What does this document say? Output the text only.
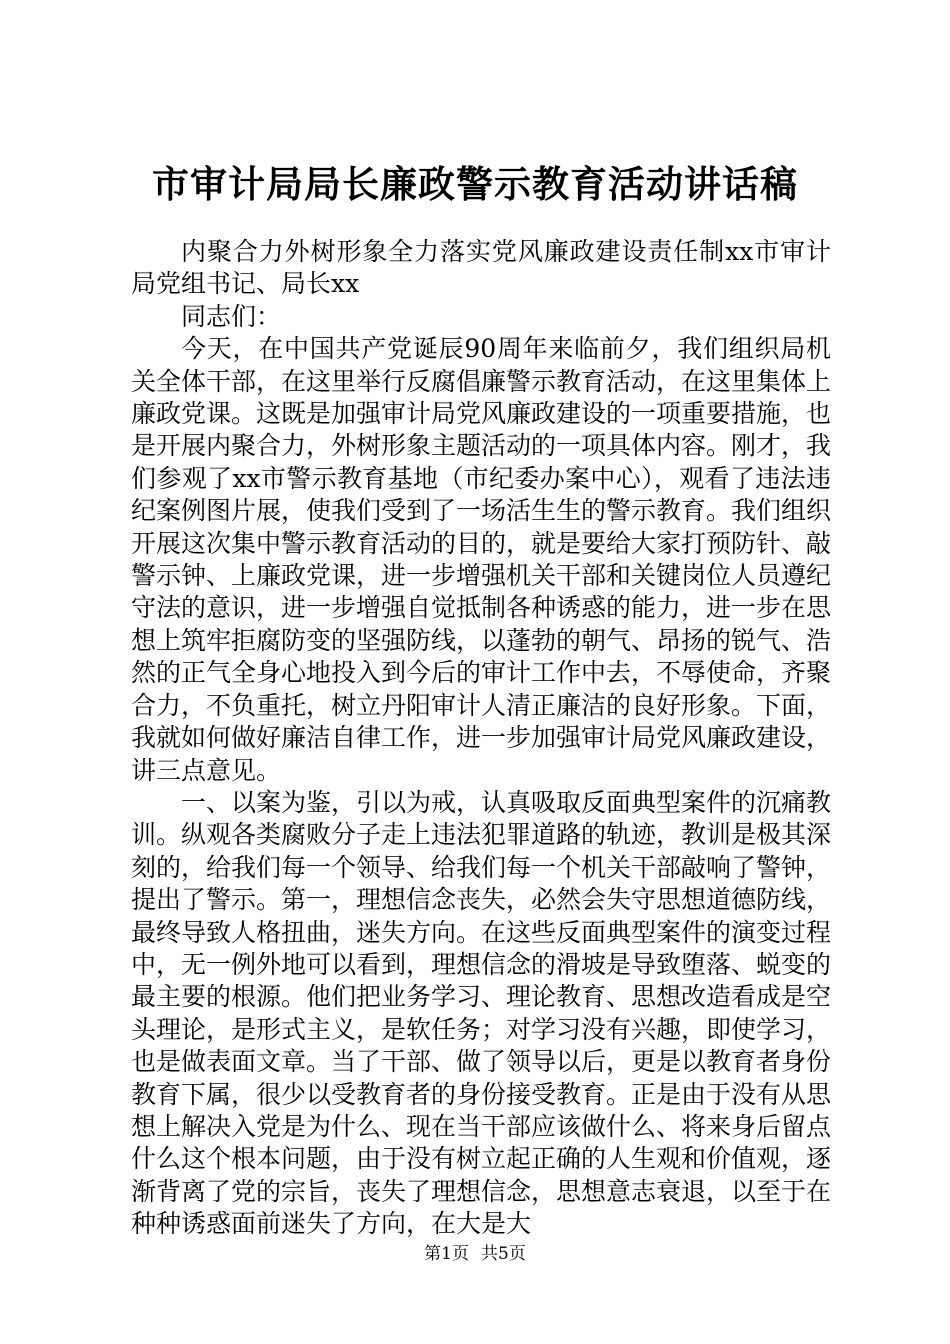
市审计局局长廉政警示教育活动讲话稿

内聚合力外树形象全力落实党风廉政建设责任制xx市审计局党组书记、局长xx

同志们：

今天，在中国共产党诞辰90周年来临前夕，我们组织局机关全体干部，在这里举行反腐倡廉警示教育活动，在这里集体上廉政党课。这既是加强审计局党风廉政建设的一项重要措施，也是开展内聚合力，外树形象主题活动的一项具体内容。刚才，我们参观了xx市警示教育基地（市纪委办案中心），观看了违法违纪案例图片展，使我们受到了一场活生生的警示教育。我们组织开展这次集中警示教育活动的目的，就是要给大家打预防针、敲警示钟、上廉政党课，进一步增强机关干部和关键岗位人员遵纪守法的意识，进一步增强自觉抵制各种诱惑的能力，进一步在思想上筑牢拒腐防变的坚强防线，以蓬勃的朝气、昂扬的锐气、浩然的正气全身心地投入到今后的审计工作中去，不辱使命，齐聚合力，不负重托，树立丹阳审计人清正廉洁的良好形象。下面，我就如何做好廉洁自律工作，进一步加强审计局党风廉政建设，讲三点意见。

一、以案为鉴，引以为戒，认真吸取反面典型案件的沉痛教训。纵观各类腐败分子走上违法犯罪道路的轨迹，教训是极其深刻的，给我们每一个领导、给我们每一个机关干部敲响了警钟，提出了警示。第一，理想信念丧失，必然会失守思想道德防线，最终导致人格扭曲，迷失方向。在这些反面典型案件的演变过程中，无一例外地可以看到，理想信念的滑坡是导致堕落、蜕变的最主要的根源。他们把业务学习、理论教育、思想改造看成是空头理论，是形式主义，是软任务；对学习没有兴趣，即使学习，也是做表面文章。当了干部、做了领导以后，更是以教育者身份教育下属，很少以受教育者的身份接受教育。正是由于没有从思想上解决入党是为什么、现在当干部应该做什么、将来身后留点什么这个根本问题，由于没有树立起正确的人生观和价值观，逐渐背离了党的宗旨，丧失了理想信念，思想意志衰退，以至于在种种诱惑面前迷失了方向，在大是大

第1页 共5页
